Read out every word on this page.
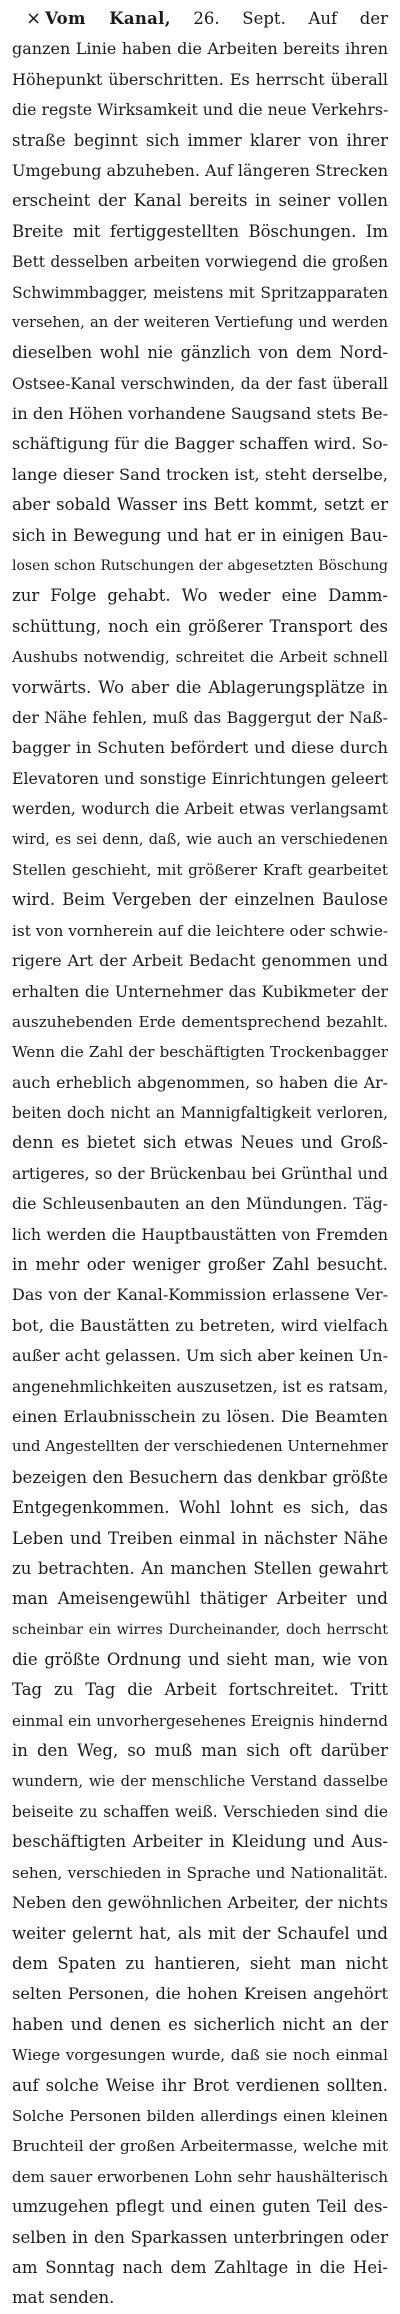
× Vom Kanal, 26. Sept. Auf der
ganzen Linie haben die Arbeiten bereits ihren
Höhepunkt überschritten. Es herrscht überall
die regste Wirksamkeit und die neue Verkehrs-
straße beginnt sich immer klarer von ihrer
Umgebung abzuheben. Auf längeren Strecken
erscheint der Kanal bereits in seiner vollen
Breite mit fertiggestellten Böschungen. Im
Bett desselben arbeiten vorwiegend die großen
Schwimmbagger, meistens mit Spritzapparaten
versehen, an der weiteren Vertiefung und werden
dieselben wohl nie gänzlich von dem Nord-
Ostsee-Kanal verschwinden, da der fast überall
in den Höhen vorhandene Saugsand stets Be-
schäftigung für die Bagger schaffen wird. So-
lange dieser Sand trocken ist, steht derselbe,
aber sobald Wasser ins Bett kommt, setzt er
sich in Bewegung und hat er in einigen Bau-
losen schon Rutschungen der abgesetzten Böschung
zur Folge gehabt. Wo weder eine Damm-
schüttung, noch ein größerer Transport des
Aushubs notwendig, schreitet die Arbeit schnell
vorwärts. Wo aber die Ablagerungsplätze in
der Nähe fehlen, muß das Baggergut der Naß-
bagger in Schuten befördert und diese durch
Elevatoren und sonstige Einrichtungen geleert
werden, wodurch die Arbeit etwas verlangsamt
wird, es sei denn, daß, wie auch an verschiedenen
Stellen geschieht, mit größerer Kraft gearbeitet
wird. Beim Vergeben der einzelnen Baulose
ist von vornherein auf die leichtere oder schwie-
rigere Art der Arbeit Bedacht genommen und
erhalten die Unternehmer das Kubikmeter der
auszuhebenden Erde dementsprechend bezahlt.
Wenn die Zahl der beschäftigten Trockenbagger
auch erheblich abgenommen, so haben die Ar-
beiten doch nicht an Mannigfaltigkeit verloren,
denn es bietet sich etwas Neues und Groß-
artigeres, so der Brückenbau bei Grünthal und
die Schleusenbauten an den Mündungen. Täg-
lich werden die Hauptbaustätten von Fremden
in mehr oder weniger großer Zahl besucht.
Das von der Kanal-Kommission erlassene Ver-
bot, die Baustätten zu betreten, wird vielfach
außer acht gelassen. Um sich aber keinen Un-
angenehmlichkeiten auszusetzen, ist es ratsam,
einen Erlaubnisschein zu lösen. Die Beamten
und Angestellten der verschiedenen Unternehmer
bezeigen den Besuchern das denkbar größte
Entgegenkommen. Wohl lohnt es sich, das
Leben und Treiben einmal in nächster Nähe
zu betrachten. An manchen Stellen gewahrt
man Ameisengewühl thätiger Arbeiter und
scheinbar ein wirres Durcheinander, doch herrscht
die größte Ordnung und sieht man, wie von
Tag zu Tag die Arbeit fortschreitet. Tritt
einmal ein unvorhergesehenes Ereignis hindernd
in den Weg, so muß man sich oft darüber
wundern, wie der menschliche Verstand dasselbe
beiseite zu schaffen weiß. Verschieden sind die
beschäftigten Arbeiter in Kleidung und Aus-
sehen, verschieden in Sprache und Nationalität.
Neben den gewöhnlichen Arbeiter, der nichts
weiter gelernt hat, als mit der Schaufel und
dem Spaten zu hantieren, sieht man nicht
selten Personen, die hohen Kreisen angehört
haben und denen es sicherlich nicht an der
Wiege vorgesungen wurde, daß sie noch einmal
auf solche Weise ihr Brot verdienen sollten.
Solche Personen bilden allerdings einen kleinen
Bruchteil der großen Arbeitermasse, welche mit
dem sauer erworbenen Lohn sehr haushälterisch
umzugehen pflegt und einen guten Teil des-
selben in den Sparkassen unterbringen oder
am Sonntag nach dem Zahltage in die Hei-
mat senden.
